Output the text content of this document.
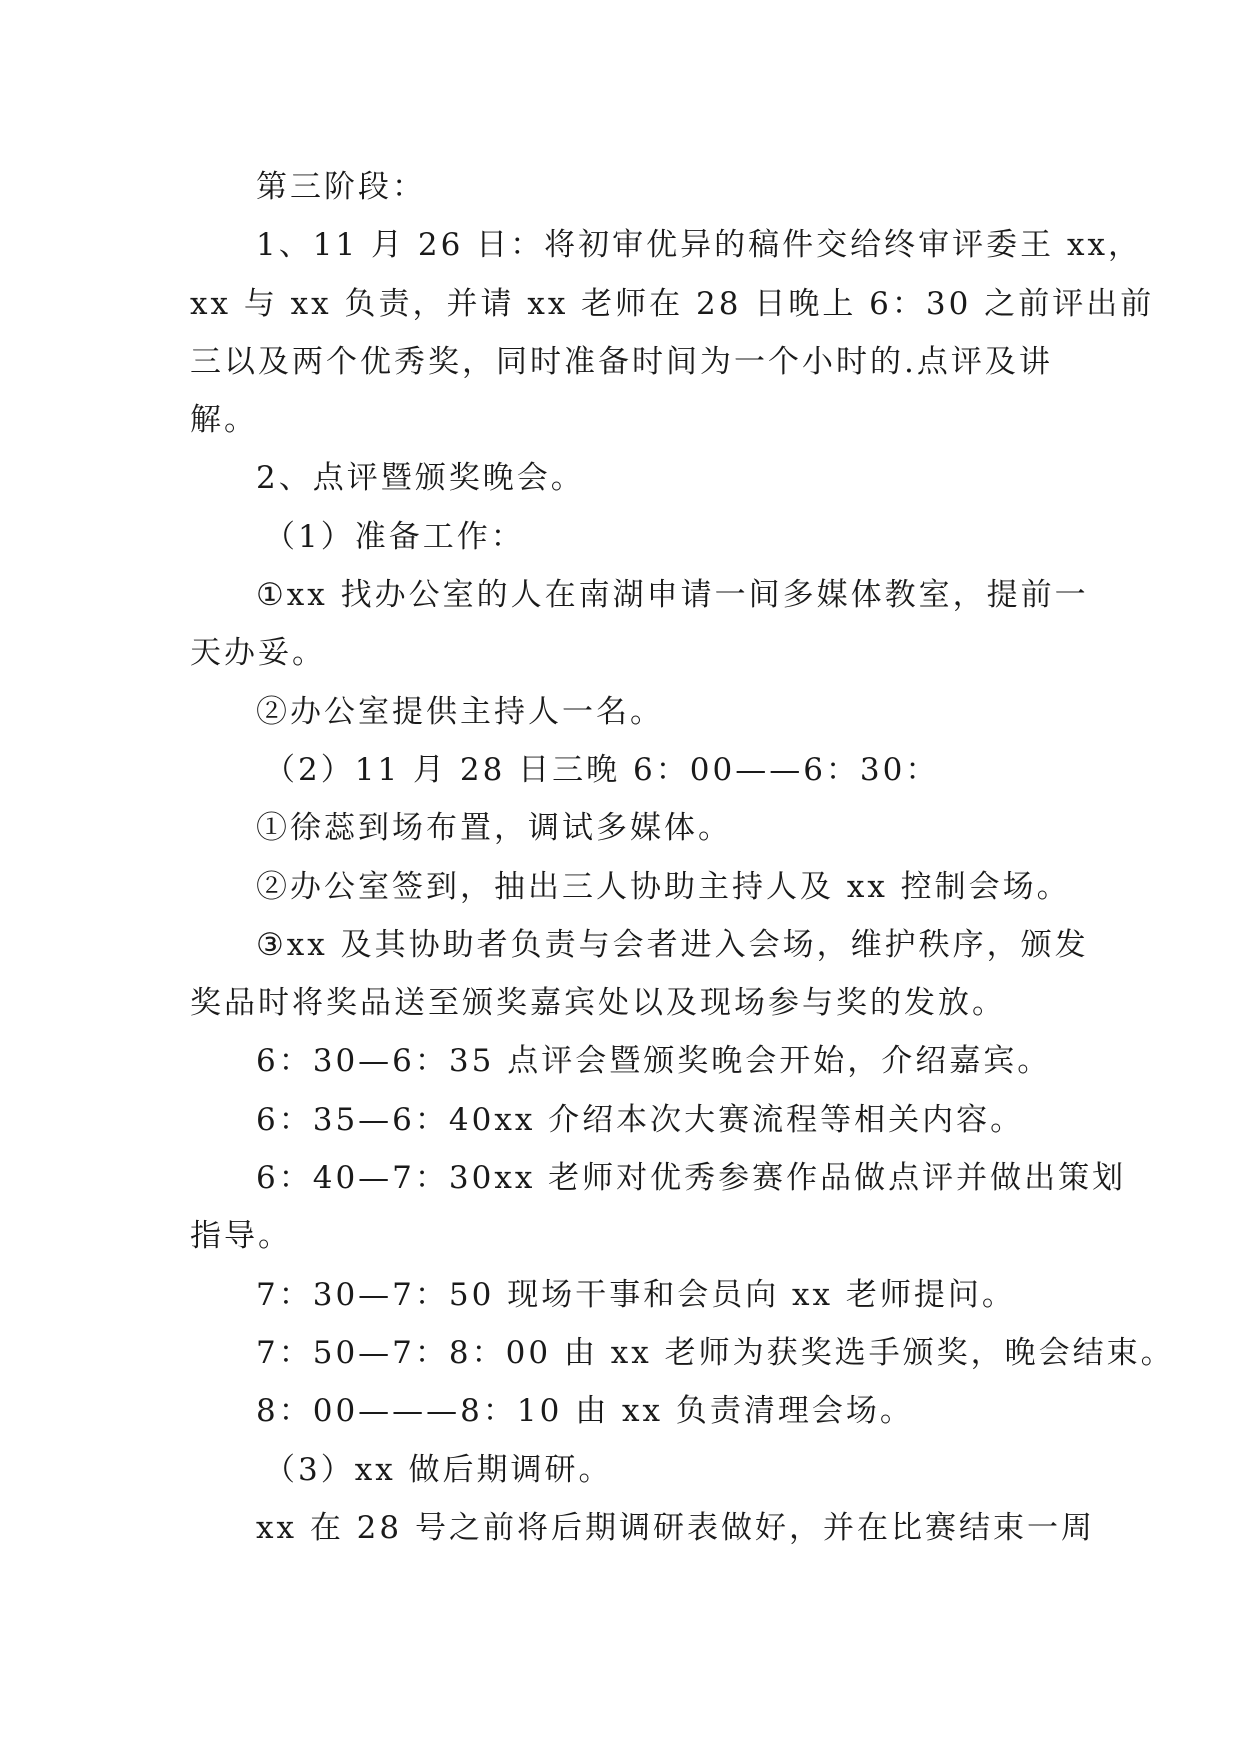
第三阶段：
1、11 月 26 日：将初审优异的稿件交给终审评委王 xx，
xx 与 xx 负责，并请 xx 老师在 28 日晚上 6：30 之前评出前
三以及两个优秀奖，同时准备时间为一个小时的.点评及讲
解。
2、点评暨颁奖晚会。
（1）准备工作：
①xx 找办公室的人在南湖申请一间多媒体教室，提前一
天办妥。
②办公室提供主持人一名。
（2）11 月 28 日三晚 6：00——6：30：
①徐蕊到场布置，调试多媒体。
②办公室签到，抽出三人协助主持人及 xx 控制会场。
③xx 及其协助者负责与会者进入会场，维护秩序，颁发
奖品时将奖品送至颁奖嘉宾处以及现场参与奖的发放。
6：30—6：35 点评会暨颁奖晚会开始，介绍嘉宾。
6：35—6：40xx 介绍本次大赛流程等相关内容。
6：40—7：30xx 老师对优秀参赛作品做点评并做出策划
指导。
7：30—7：50 现场干事和会员向 xx 老师提问。
7：50—7：8：00 由 xx 老师为获奖选手颁奖，晚会结束。
8：00———8：10 由 xx 负责清理会场。
（3）xx 做后期调研。
xx 在 28 号之前将后期调研表做好，并在比赛结束一周
